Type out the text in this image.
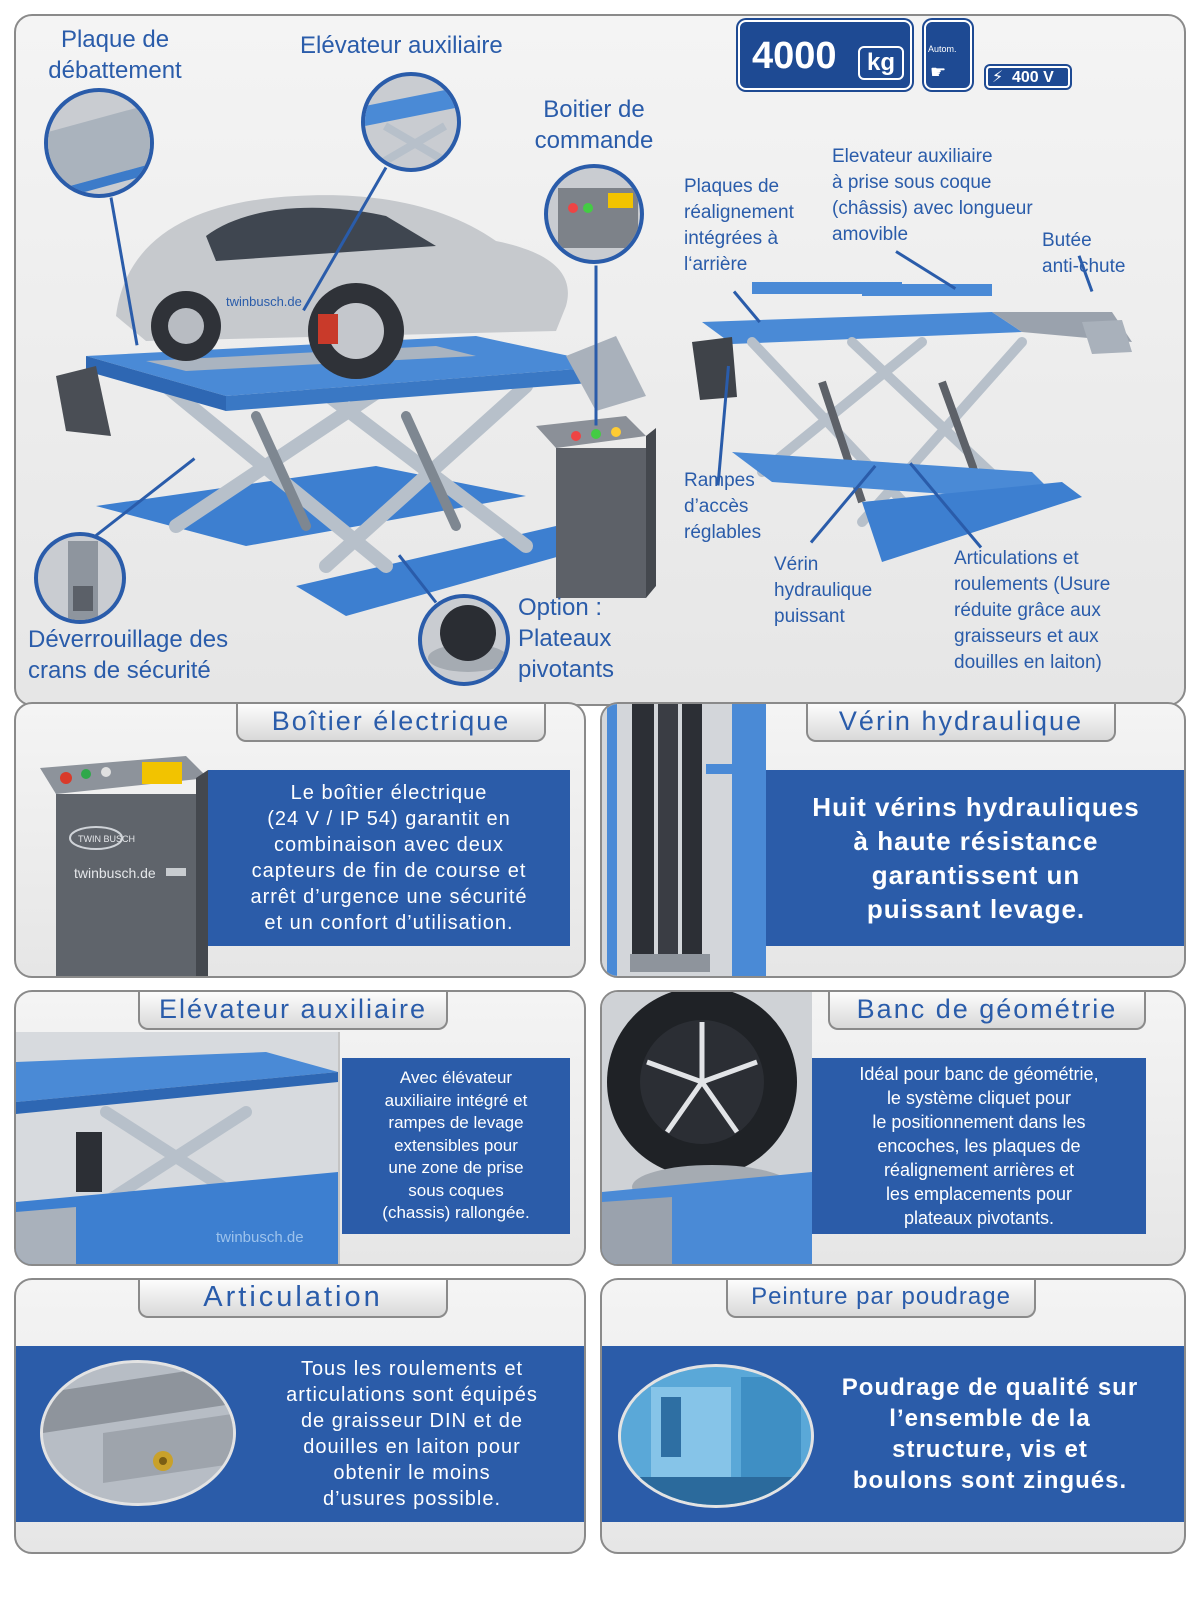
twinbusch.de
Plaque de
débattement
Elévateur auxiliaire
Boitier de
commande
Déverrouillage des
crans de sécurité
Option :
Plateaux
pivotants
4000	kg	Autom.
☛	⚡ 400 V
Plaques de
réalignement
intégrées à
l‘arrière
Elevateur auxiliaire
à prise sous coque
(châssis) avec longueur
amovible	Butée
anti-chute
Rampes
d’accès
réglables
Vérin
hydraulique
puissant
Articulations et
roulements (Usure
réduite grâce aux
graisseurs et aux
douilles en laiton)
TWIN BUSCH
twinbusch.de
Le boîtier électrique
(24 V / IP 54) garantit en
combinaison avec deux
capteurs de fin de course et
arrêt d’urgence une sécurité
et un confort d’utilisation.
Boîtier électrique
Huit vérins hydrauliques
à haute résistance
garantissent un
puissant levage.
Vérin hydraulique
twinbusch.de
Avec élévateur
auxiliaire intégré et
rampes de levage
extensibles pour
une zone de prise
sous coques
(chassis) rallongée.
Elévateur auxiliaire
Idéal pour banc de géométrie,
le système cliquet pour
le positionnement dans les
encoches, les plaques de
réalignement arrières et
les emplacements pour
plateaux pivotants.
Banc de géométrie
Tous les roulements et
articulations sont équipés
de graisseur DIN et de
douilles en laiton pour
obtenir le moins
d’usures possible.
Articulation
Poudrage de qualité sur
l’ensemble de la
structure, vis et
boulons sont zingués.
Peinture par poudrage
